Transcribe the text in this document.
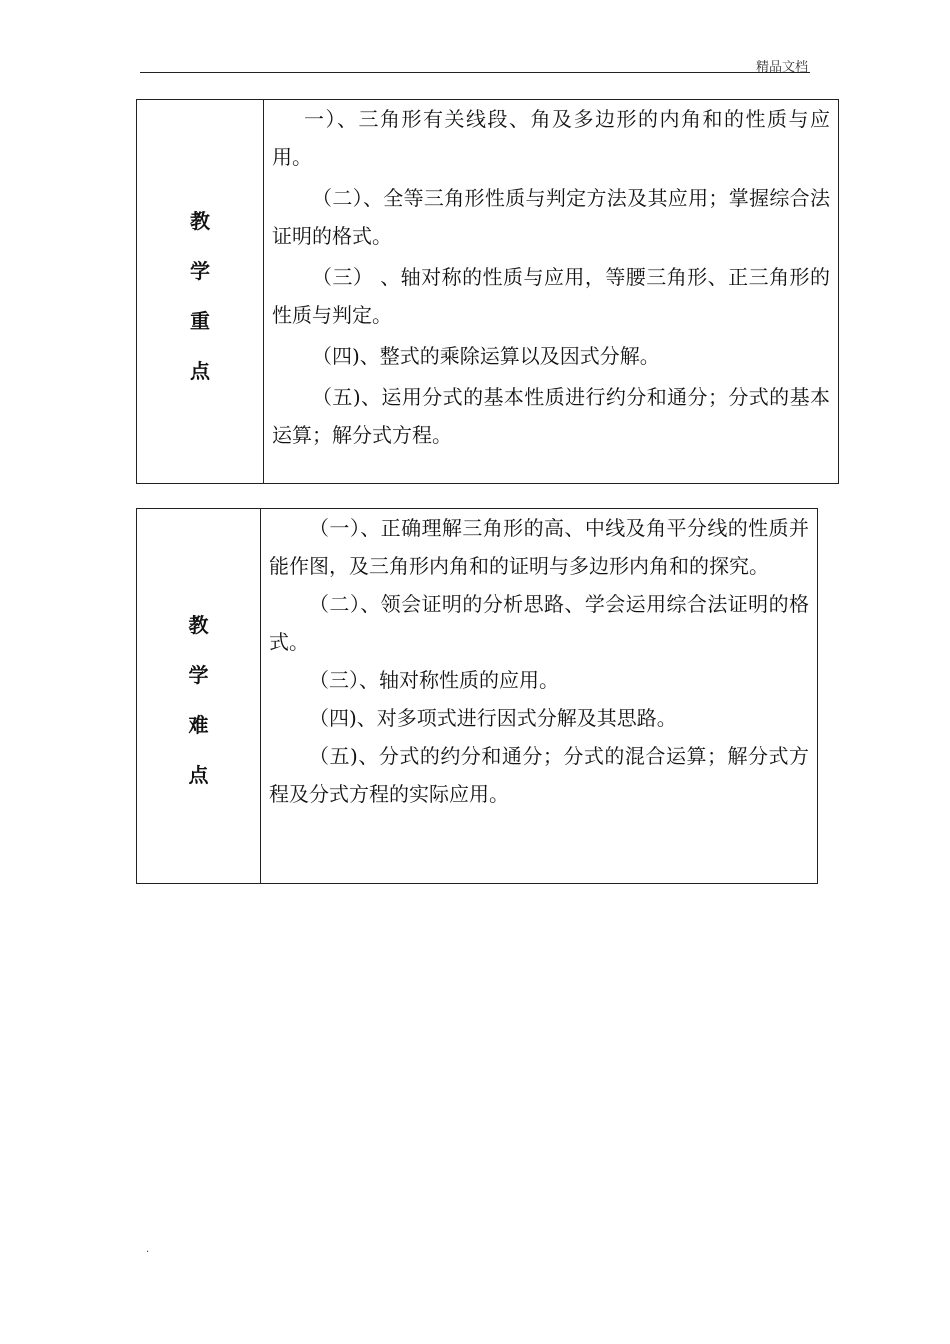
精品文档
教
学
重
点

一）、三角形有关线段、角及多边形的内角和的性质与应用。

（二）、全等三角形性质与判定方法及其应用；掌握综合法证明的格式。

（三） 、轴对称的性质与应用，等腰三角形、正三角形的性质与判定。

（四)、整式的乘除运算以及因式分解。

（五)、运用分式的基本性质进行约分和通分；分式的基本运算；解分式方程。

教
学
难
点

（一）、正确理解三角形的高、中线及角平分线的性质并能作图，及三角形内角和的证明与多边形内角和的探究。

（二）、领会证明的分析思路、学会运用综合法证明的格式。

（三）、轴对称性质的应用。

（四)、对多项式进行因式分解及其思路。

（五)、分式的约分和通分；分式的混合运算；解分式方程及分式方程的实际应用。

.
